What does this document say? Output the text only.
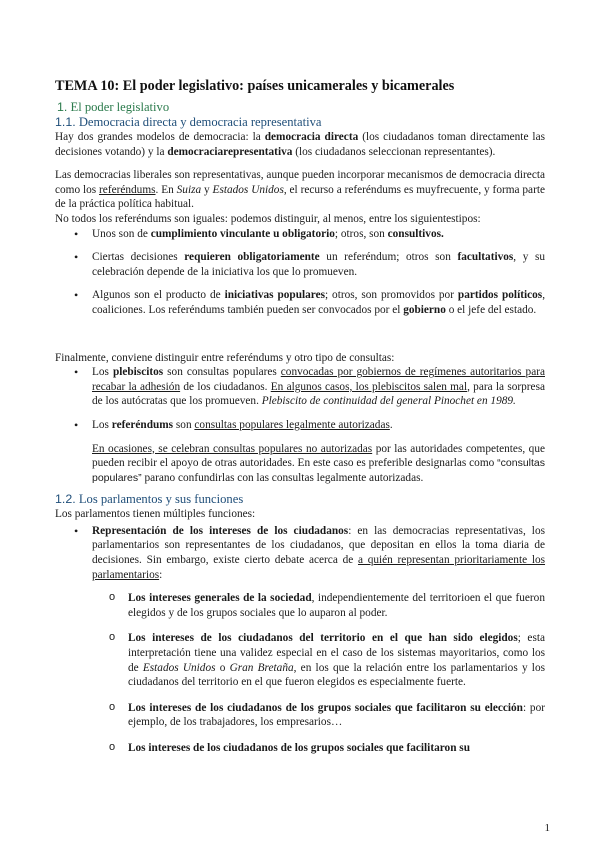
TEMA 10: El poder legislativo: países unicamerales y bicamerales
1. El poder legislativo
1.1. Democracia directa y democracia representativa

Hay dos grandes modelos de democracia: la democracia directa (los ciudadanos toman directamente las decisiones votando) y la democraciarepresentativa (los ciudadanos seleccionan representantes).

Las democracias liberales son representativas, aunque pueden incorporar mecanismos de democracia directa como los referéndums. En Suiza y Estados Unidos, el recurso a referéndums es muyfrecuente, y forma parte de la práctica política habitual.

No todos los referéndums son iguales: podemos distinguir, al menos, entre los siguientestipos:

• Unos son de cumplimiento vinculante u obligatorio; otros, son consultivos.
• Ciertas decisiones requieren obligatoriamente un referéndum; otros son facultativos, y su celebración depende de la iniciativa los que lo promueven.
• Algunos son el producto de iniciativas populares; otros, son promovidos por partidos políticos, coaliciones. Los referéndums también pueden ser convocados por el gobierno o el jefe del estado.

Finalmente, conviene distinguir entre referéndums y otro tipo de consultas:

• Los plebiscitos son consultas populares convocadas por gobiernos de regímenes autoritarios para recabar la adhesión de los ciudadanos. En algunos casos, los plebiscitos salen mal, para la sorpresa de los autócratas que los promueven. Plebiscito de continuidad del general Pinochet en 1989.
• Los referéndums son consultas populares legalmente autorizadas.

En ocasiones, se celebran consultas populares no autorizadas por las autoridades competentes, que pueden recibir el apoyo de otras autoridades. En este caso es preferible designarlas como “consultas populares” parano confundirlas con las consultas legalmente autorizadas.

1.2. Los parlamentos y sus funciones

Los parlamentos tienen múltiples funciones:

• Representación de los intereses de los ciudadanos: en las democracias representativas, los parlamentarios son representantes de los ciudadanos, que depositan en ellos la toma diaria de decisiones. Sin embargo, existe cierto debate acerca de a quién representan prioritariamente los parlamentarios:
o Los intereses generales de la sociedad, independientemente del territorioen el que fueron elegidos y de los grupos sociales que lo auparon al poder.
o Los intereses de los ciudadanos del territorio en el que han sido elegidos; esta interpretación tiene una validez especial en el caso de los sistemas mayoritarios, como los de Estados Unidos o Gran Bretaña, en los que la relación entre los parlamentarios y los ciudadanos del territorio en el que fueron elegidos es especialmente fuerte.
o Los intereses de los ciudadanos de los grupos sociales que facilitaron su elección: por ejemplo, de los trabajadores, los empresarios…
o Los intereses de los ciudadanos de los grupos sociales que facilitaron su
1
